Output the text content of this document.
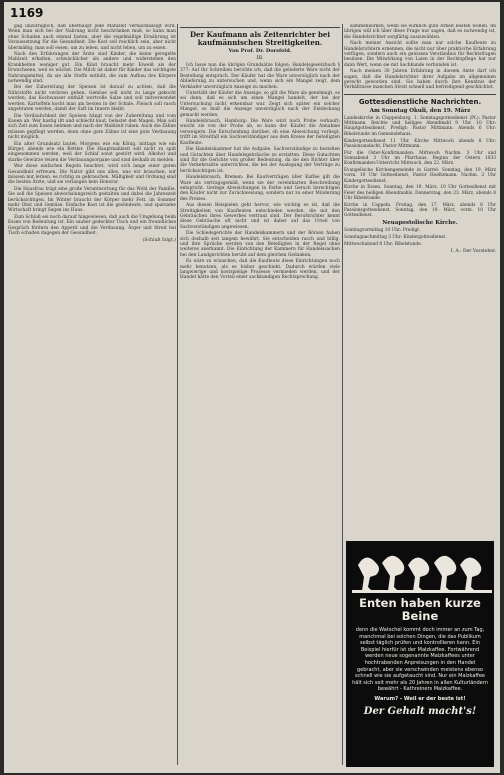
1169

gag unzuträglich, daß überhaupt jede Mahlzeit vernachlässigt wird. Wenn man sich bei der Nahrung nicht beschränken muß, so kann man ohne Schaden auch einmal fasten, aber die regelmäßige Ernährung ist Voraussetzung für die Gesundheit. Die Kost soll reichlich sein, aber nicht übermäßig; man soll essen, um zu leben, und nicht leben, um zu essen.

Nach den Erfahrungen der Ärzte sind Kinder, die keine geregelte Mahlzeit erhalten, schwächlicher als andere und widerstehen den Krankheiten weniger gut. Ein Kind braucht mehr Eiweiß als der Erwachsene, weil es wächst. Die Milch ist daher für Kinder das wichtigste Nahrungsmittel, da sie alle Stoffe enthält, die zum Aufbau des Körpers notwendig sind.

Bei der Zubereitung der Speisen ist darauf zu achten, daß die Nährstoffe nicht verloren gehen. Gemüse soll nicht zu lange gekocht werden; das Kochwasser enthält wertvolle Salze und soll mitverwendet werden. Kartoffeln kocht man am besten in der Schale. Fleisch soll rasch angebraten werden, damit der Saft im Innern bleibt.

Die Verdaulichkeit der Speisen hängt von der Zubereitung und vom Kauen ab. Wer hastig ißt und schlecht kaut, belastet den Magen. Man soll sich Zeit zum Essen nehmen und nach der Mahlzeit ruhen. Auch die Zähne müssen gepflegt werden, denn ohne gute Zähne ist eine gute Verdauung nicht möglich.

Ein alter Grundsatz lautet: Morgens wie ein König, mittags wie ein Bürger, abends wie ein Bettler. Die Hauptmahlzeit soll nicht zu spät eingenommen werden, weil der Schlaf sonst gestört wird. Alkohol und starke Gewürze reizen die Verdauungsorgane und sind deshalb zu meiden.

Wer diese einfachen Regeln beachtet, wird sich lange einer guten Gesundheit erfreuen. Die Natur gibt uns alles, was wir brauchen; wir müssen nur lernen, es richtig zu gebrauchen. Mäßigkeit und Ordnung sind die besten Ärzte, und sie verlangen kein Honorar.

Die Hausfrau trägt eine große Verantwortung für das Wohl der Familie. Sie soll die Speisen abwechslungsreich gestalten und dabei die Jahreszeit berücksichtigen. Im Winter braucht der Körper mehr Fett, im Sommer mehr Obst und Gemüse. Einfache Kost ist die gesündeste, und sparsame Wirtschaft bringt Segen ins Haus.

Zum Schluß sei noch darauf hingewiesen, daß auch die Umgebung beim Essen von Bedeutung ist. Ein sauber gedeckter Tisch und ein freundliches Gespräch fördern den Appetit und die Verdauung. Ärger und Streit bei Tisch schaden dagegen der Gesundheit.

(Schluß folgt.)
Der Kaufmann als Zeitenrichter bei kaufmännischen Streitigkeiten.
Von Prof. Dr. Dorsfeld.
III.

Ich lasse nun die übrigen Grundsätze folgen: Handelsgesetzbuch § 377: Auf Ihr Schreiben berichte ich, daß die gelieferte Ware nicht der Bestellung entsprach. Der Käufer hat die Ware unverzüglich nach der Ablieferung zu untersuchen und, wenn sich ein Mangel zeigt, dem Verkäufer unverzüglich Anzeige zu machen.

Unterläßt der Käufer die Anzeige, so gilt die Ware als genehmigt, es sei denn, daß es sich um einen Mangel handelt, der bei der Untersuchung nicht erkennbar war. Zeigt sich später ein solcher Mangel, so muß die Anzeige unverzüglich nach der Entdeckung gemacht werden.

Handelsbrauch, Hamburg: Die Ware wird nach Probe verkauft; weicht sie von der Probe ab, so kann der Käufer die Annahme verweigern. Die Entscheidung darüber, ob eine Abweichung vorliegt, trifft im Streitfall ein Sachverständiger aus dem Kreise der beteiligten Kaufleute.

Die Handelskammer hat die Aufgabe, Sachverständige zu bestellen und Gutachten über Handelsgebräuche zu erstatten. Diese Gutachten sind für die Gerichte von großer Bedeutung, da sie den Richter über die Verkehrssitte unterrichten, die bei der Auslegung der Verträge zu berücksichtigen ist.

Handelsbrauch, Bremen: Bei Kaufverträgen über Kaffee gilt die Ware als vertragsgemäß, wenn sie der vereinbarten Beschreibung entspricht. Geringe Abweichungen in Farbe und Geruch berechtigen den Käufer nicht zur Zurückweisung, sondern nur zu einer Minderung des Preises.

Aus diesen Beispielen geht hervor, wie wichtig es ist, daß die Streitigkeiten von Kaufleuten entschieden werden, die mit den Gebräuchen ihres Gewerbes vertraut sind. Der Berufsrichter kennt diese Gebräuche oft nicht und ist daher auf das Urteil von Sachverständigen angewiesen.

Die Schiedsgerichte der Handelskammern und der Börsen haben sich deshalb seit langem bewährt. Sie entscheiden rasch und billig, und ihre Sprüche werden von den Beteiligten in der Regel ohne weiteres anerkannt. Die Einrichtung der Kammern für Handelssachen bei den Landgerichten beruht auf dem gleichen Gedanken.

Es wäre zu wünschen, daß die Kaufleute diese Einrichtungen noch mehr benutzen, als es bisher geschieht. Dadurch würden viele langwierige und kostspielige Prozesse vermieden werden, und der Handel hätte den Vorteil einer sachkundigen Rechtsprechung.

sammenwirken, wenn sie wirklich gute Arbeit leisten wollen. Im übrigen will ich über diese Frage nur sagen, daß es notwendig ist, die Handelsrichter sorgfältig auszuwählen.

Nach meiner Ansicht sollte man nur solche Kaufleute zu Handelsrichtern ernennen, die nicht nur über praktische Erfahrung verfügen, sondern auch ein gewisses Verständnis für Rechtsfragen besitzen. Die Mitwirkung von Laien in der Rechtspflege hat nur dann Wert, wenn sie mit Sachkunde verbunden ist.

Nach meinen 30 Jahren Erfahrung in diesem Amte darf ich sagen, daß die Handelsrichter ihrer Aufgabe im allgemeinen gerecht geworden sind. Sie haben durch ihre Kenntnis der Verhältnisse manchen Streit schnell und befriedigend geschlichtet.

Gottesdienstliche Nachrichten.
Am Sonntag Okuli, den 19. März

Landeskirche in Cloppenburg. 1. Sonntagsgottesdienst (Pf.): Pastor Mittmann. Beichte und heiliges Abendmahl 9 Uhr. 10 Uhr: Hauptgottesdienst, Predigt: Pastor Mittmann. Abends 6 Uhr: Bibelstunde im Gemeindehaus.

Kindergottesdienst 11 Uhr. Kirche Mittwoch abends 8 Uhr: Passionsandacht, Pastor Mittmann.

Für die Oster-Konfirmanden: Mittwoch Nachm. 3 Uhr und Sonnabend 3 Uhr im Pfarrhaus. Beginn der Ostern 1933 Konfirmanden-Unterricht Mittwoch, den 22. März.

Evangelische Kirchengemeinde in Garrel: Sonntag, den 19. März vorm. 10 Uhr Gottesdienst, Pastor Hoeltzmann. Nachm. 2 Uhr Kindergottesdienst.

Kirche in Essen. Sonntag, den 19. März, 10 Uhr Gottesdienst mit Feier des heiligen Abendmahls. Donnerstag, den 23. März, abends 8 Uhr Bibelstunde.

Kirche in Cappeln. Freitag, den 17. März, abends 8 Uhr Passionsgottesdienst. Sonntag, den 19. März, vorm. 10 Uhr Gottesdienst.

Neuapostolische Kirche.

Sonntagvormittag 10 Uhr: Predigt.

Sonntagnachmittag 3 Uhr: Kindergottesdienst.

Mittwochabend 8 Uhr: Bibelstunde.

I. A.: Der Vorsteher.
Enten haben kurze Beine
denn die Watschel kommt doch immer an zum Tag, manchmal bei solchen Dingen, die das Publikum selbst täglich prüfen und kontrollieren kann. Ein Beispiel hierfür ist der Malzkaffee. Fortwährend werden neue sogenannte Malzkaffees unter hochtrabenden Anpreisungen in den Handel gebracht, aber sie verschwinden meistens ebenso schnell wie sie aufgetaucht sind. Nur ein Malzkaffee hält sich seit mehr als 20 Jahren in allen Kulturländern bewährt - Kathreiners Malzkaffee.
Warum? - Weil er der beste ist!
Der Gehalt macht's!
